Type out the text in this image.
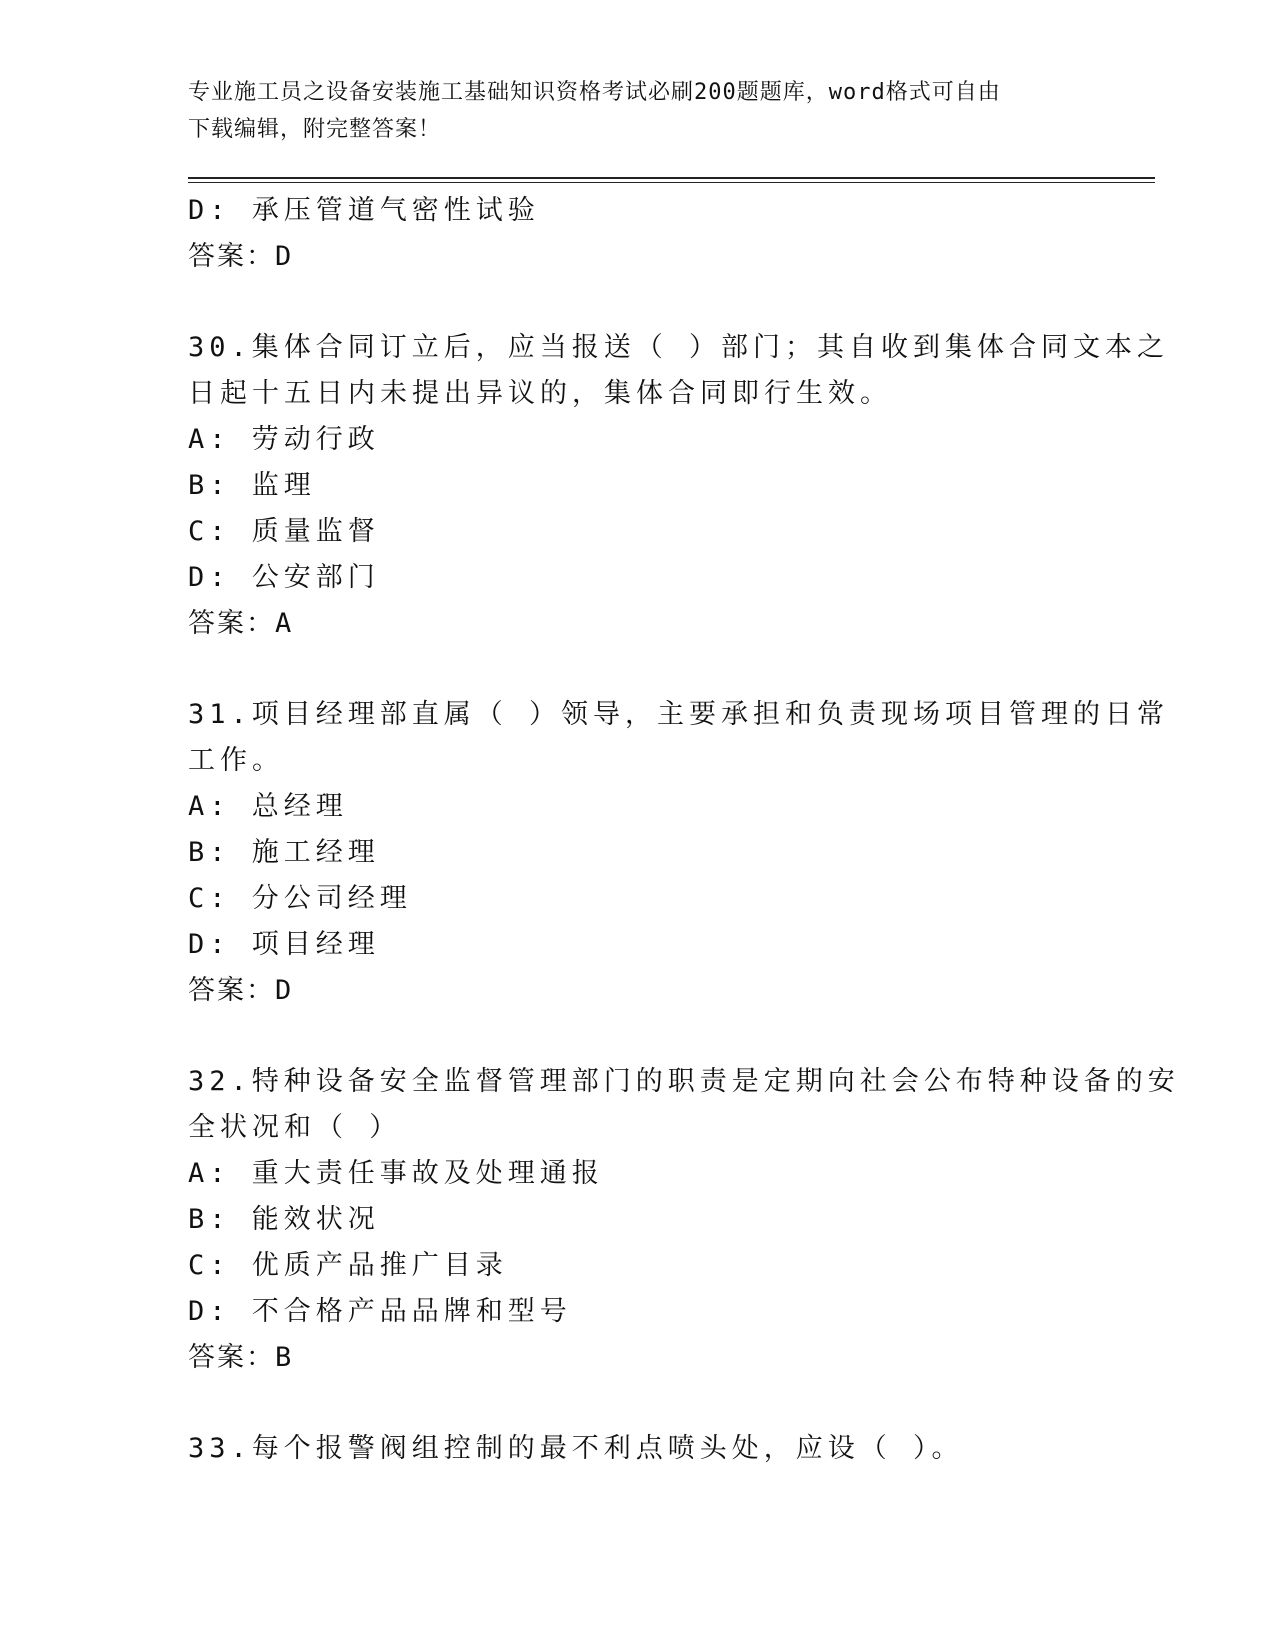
专业施工员之设备安装施工基础知识资格考试必刷200题题库，word格式可自由
下载编辑，附完整答案！
D: 承压管道气密性试验
答案：D
30.集体合同订立后，应当报送（ ）部门；其自收到集体合同文本之
日起十五日内未提出异议的，集体合同即行生效。
A: 劳动行政
B: 监理
C: 质量监督
D: 公安部门
答案：A
31.项目经理部直属（ ）领导，主要承担和负责现场项目管理的日常
工作。
A: 总经理
B: 施工经理
C: 分公司经理
D: 项目经理
答案：D
32.特种设备安全监督管理部门的职责是定期向社会公布特种设备的安
全状况和（ ）
A: 重大责任事故及处理通报
B: 能效状况
C: 优质产品推广目录
D: 不合格产品品牌和型号
答案：B
33.每个报警阀组控制的最不利点喷头处，应设（ ）。
